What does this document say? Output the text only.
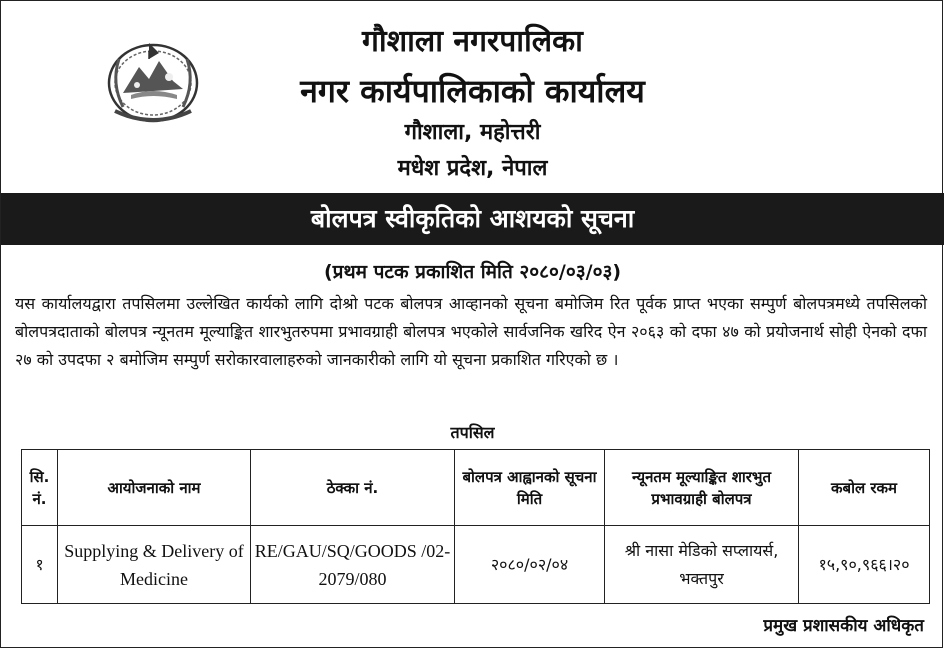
गौशाला नगरपालिका
नगर कार्यपालिकाको कार्यालय
गौशाला, महोत्तरी
मधेश प्रदेश, नेपाल
बोलपत्र स्वीकृतिको आशयको सूचना
(प्रथम पटक प्रकाशित मिति २०८०/०३/०३)
यस कार्यालयद्वारा तपसिलमा उल्लेखित कार्यको लागि दोश्रो पटक बोलपत्र आव्हानको सूचना बमोजिम रित पूर्वक प्राप्त भएका सम्पुर्ण बोलपत्रमध्ये तपसिलको बोलपत्रदाताको बोलपत्र न्यूनतम मूल्याङ्कित शारभुतरुपमा प्रभावग्राही बोलपत्र भएकोले सार्वजनिक खरिद ऐन २०६३ को दफा ४७ को प्रयोजनार्थ सोही ऐनको दफा २७ को उपदफा २ बमोजिम सम्पुर्ण सरोकारवालाहरुको जानकारीको लागि यो सूचना प्रकाशित गरिएको छ ।
तपसिल
सि. नं.	आयोजनाको नाम	ठेक्का नं.	बोलपत्र आह्वानको सूचना मिति	न्यूनतम मूल्याङ्कित शारभुत प्रभावग्राही बोलपत्र	कबोल रकम
१	Supplying & Delivery of Medicine	RE/GAU/SQ/GOODS /02-2079/080	२०८०/०२/०४	श्री नासा मेडिको सप्लायर्स, भक्तपुर	१५,९०,९६६।२०
प्रमुख प्रशासकीय अधिकृत
